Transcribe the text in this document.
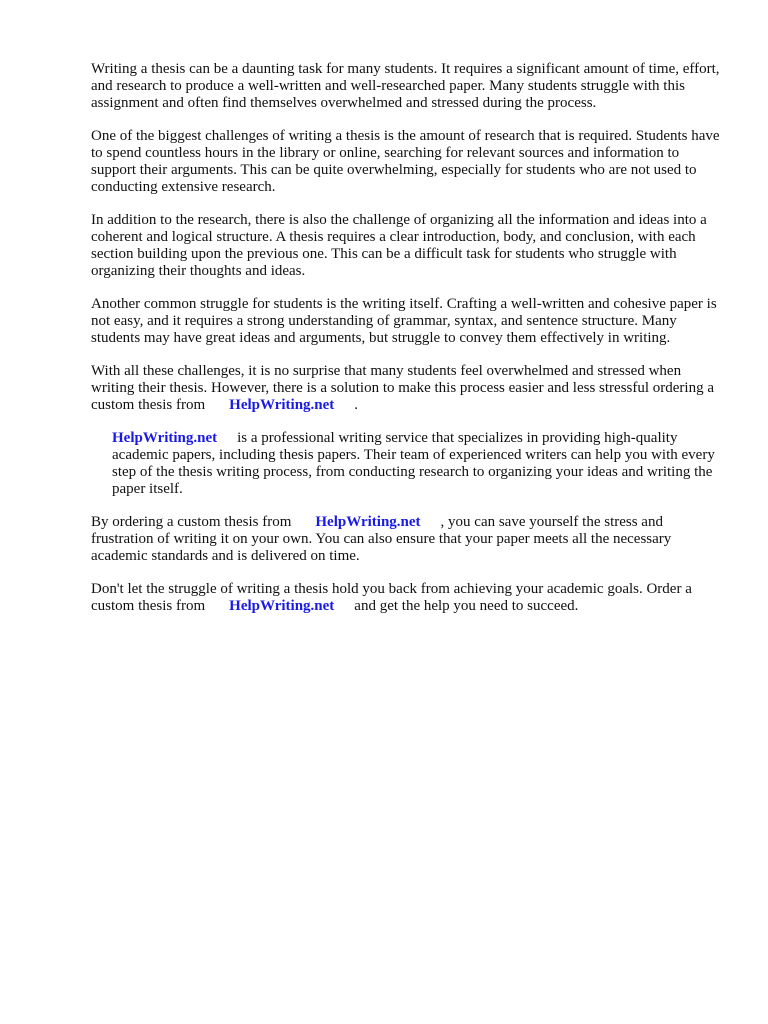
Writing a thesis can be a daunting task for many students. It requires a significant amount of time, effort, and research to produce a well-written and well-researched paper. Many students struggle with this assignment and often find themselves overwhelmed and stressed during the process.

One of the biggest challenges of writing a thesis is the amount of research that is required. Students have to spend countless hours in the library or online, searching for relevant sources and information to support their arguments. This can be quite overwhelming, especially for students who are not used to conducting extensive research.

In addition to the research, there is also the challenge of organizing all the information and ideas into a coherent and logical structure. A thesis requires a clear introduction, body, and conclusion, with each section building upon the previous one. This can be a difficult task for students who struggle with organizing their thoughts and ideas.

Another common struggle for students is the writing itself. Crafting a well-written and cohesive paper is not easy, and it requires a strong understanding of grammar, syntax, and sentence structure. Many students may have great ideas and arguments, but struggle to convey them effectively in writing.

With all these challenges, it is no surprise that many students feel overwhelmed and stressed when writing their thesis. However, there is a solution to make this process easier and less stressful ordering a custom thesis from HelpWriting.net .

HelpWriting.net is a professional writing service that specializes in providing high-quality academic papers, including thesis papers. Their team of experienced writers can help you with every step of the thesis writing process, from conducting research to organizing your ideas and writing the paper itself.

By ordering a custom thesis from HelpWriting.net , you can save yourself the stress and frustration of writing it on your own. You can also ensure that your paper meets all the necessary academic standards and is delivered on time.

Don't let the struggle of writing a thesis hold you back from achieving your academic goals. Order a custom thesis from HelpWriting.net and get the help you need to succeed.
